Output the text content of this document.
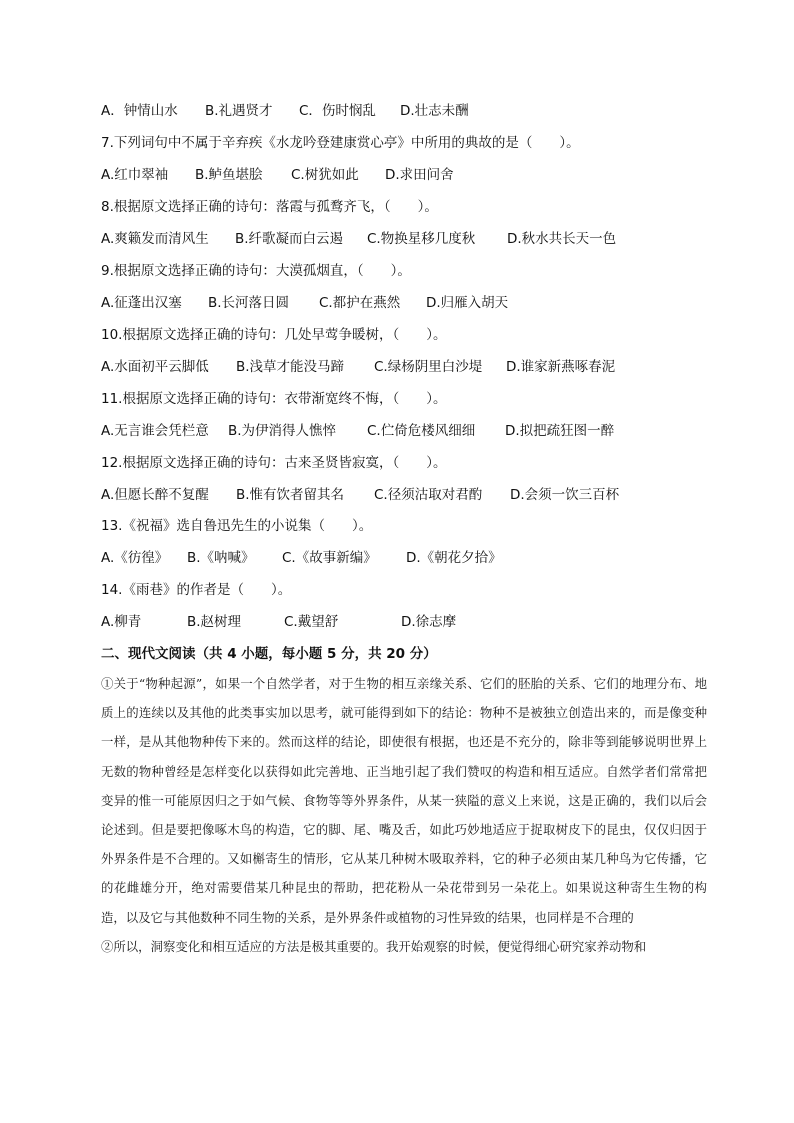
A．钟情山水 B.礼遇贤才 C．伤时悯乱 D.壮志未酬
7.下列词句中不属于辛弃疾《水龙吟登建康赏心亭》中所用的典故的是（　　）。
A.红巾翠袖 B.鲈鱼堪脍 C.树犹如此 D.求田问舍
8.根据原文选择正确的诗句：落霞与孤鹜齐飞，（　　）。
A.爽籁发而清风生 B.纤歌凝而白云遏 C.物换星移几度秋 D.秋水共长天一色
9.根据原文选择正确的诗句：大漠孤烟直，（　　）。
A.征蓬出汉塞 B.长河落日圆 C.都护在燕然 D.归雁入胡天
10.根据原文选择正确的诗句：几处早莺争暖树，（　　）。
A.水面初平云脚低 B.浅草才能没马蹄 C.绿杨阴里白沙堤 D.谁家新燕啄春泥
11.根据原文选择正确的诗句：衣带渐宽终不悔，（　　）。
A.无言谁会凭栏意 B.为伊消得人憔悴 C.伫倚危楼风细细 D.拟把疏狂图一醉
12.根据原文选择正确的诗句：古来圣贤皆寂寞，（　　）。
A.但愿长醉不复醒 B.惟有饮者留其名 C.径须沽取对君酌 D.会须一饮三百杯
13.《祝福》选自鲁迅先生的小说集（　　）。
A.《彷徨》 B.《呐喊》 C.《故事新编》 D.《朝花夕拾》
14.《雨巷》的作者是（　　）。
A.柳青	B.赵树理	C.戴望舒	D.徐志摩
二、现代文阅读（共 4 小题，每小题 5 分，共 20 分）

①关于“物种起源”，如果一个自然学者，对于生物的相互亲缘关系、它们的胚胎的关系、它们的地理分布、地质上的连续以及其他的此类事实加以思考，就可能得到如下的结论：物种不是被独立创造出来的，而是像变种一样，是从其他物种传下来的。然而这样的结论，即使很有根据，也还是不充分的，除非等到能够说明世界上无数的物种曾经是怎样变化以获得如此完善地、正当地引起了我们赞叹的构造和相互适应。自然学者们常常把变异的惟一可能原因归之于如气候、食物等等外界条件，从某一狭隘的意义上来说，这是正确的，我们以后会论述到。但是要把像啄木鸟的构造，它的脚、尾、嘴及舌，如此巧妙地适应于捉取树皮下的昆虫，仅仅归因于外界条件是不合理的。又如槲寄生的情形，它从某几种树木吸取养料，它的种子必须由某几种鸟为它传播，它的花雌雄分开，绝对需要借某几种昆虫的帮助，把花粉从一朵花带到另一朵花上。如果说这种寄生生物的构造，以及它与其他数种不同生物的关系，是外界条件或植物的习性异致的结果，也同样是不合理的

②所以，洞察变化和相互适应的方法是极其重要的。我开始观察的时候，便觉得细心研究家养动物和
